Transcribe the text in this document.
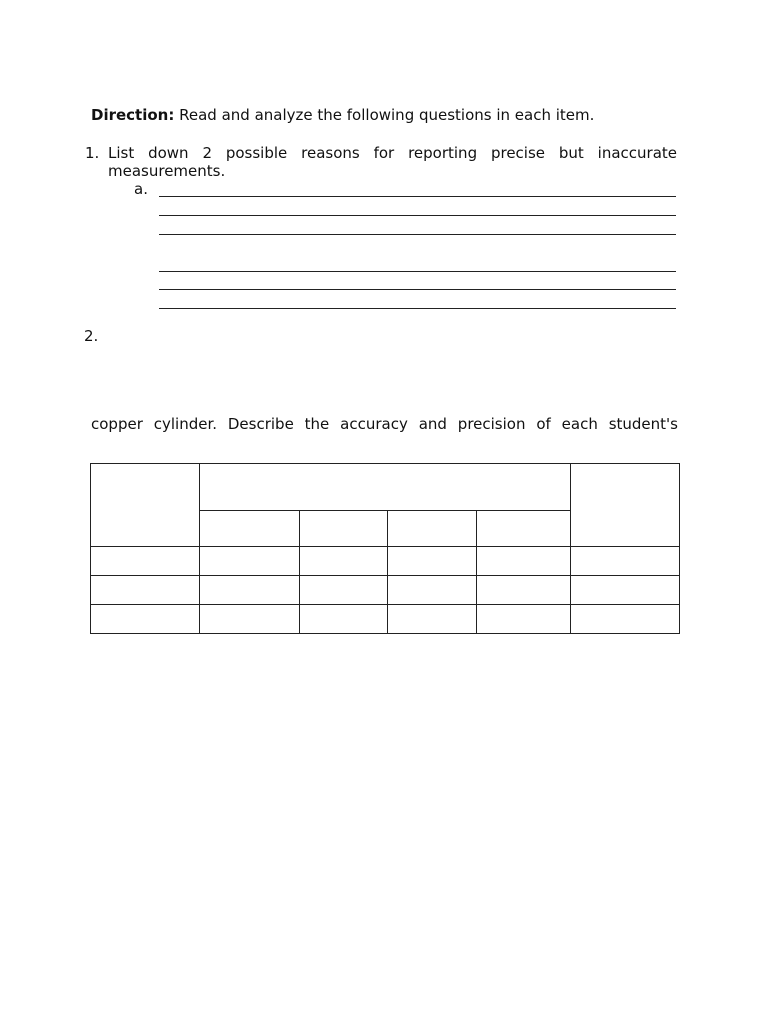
Direction: Read and analyze the following questions in each item.
1. List down 2 possible reasons for reporting precise but inaccurate
measurements.
a.
2.
copper cylinder. Describe the accuracy and precision of each student's
